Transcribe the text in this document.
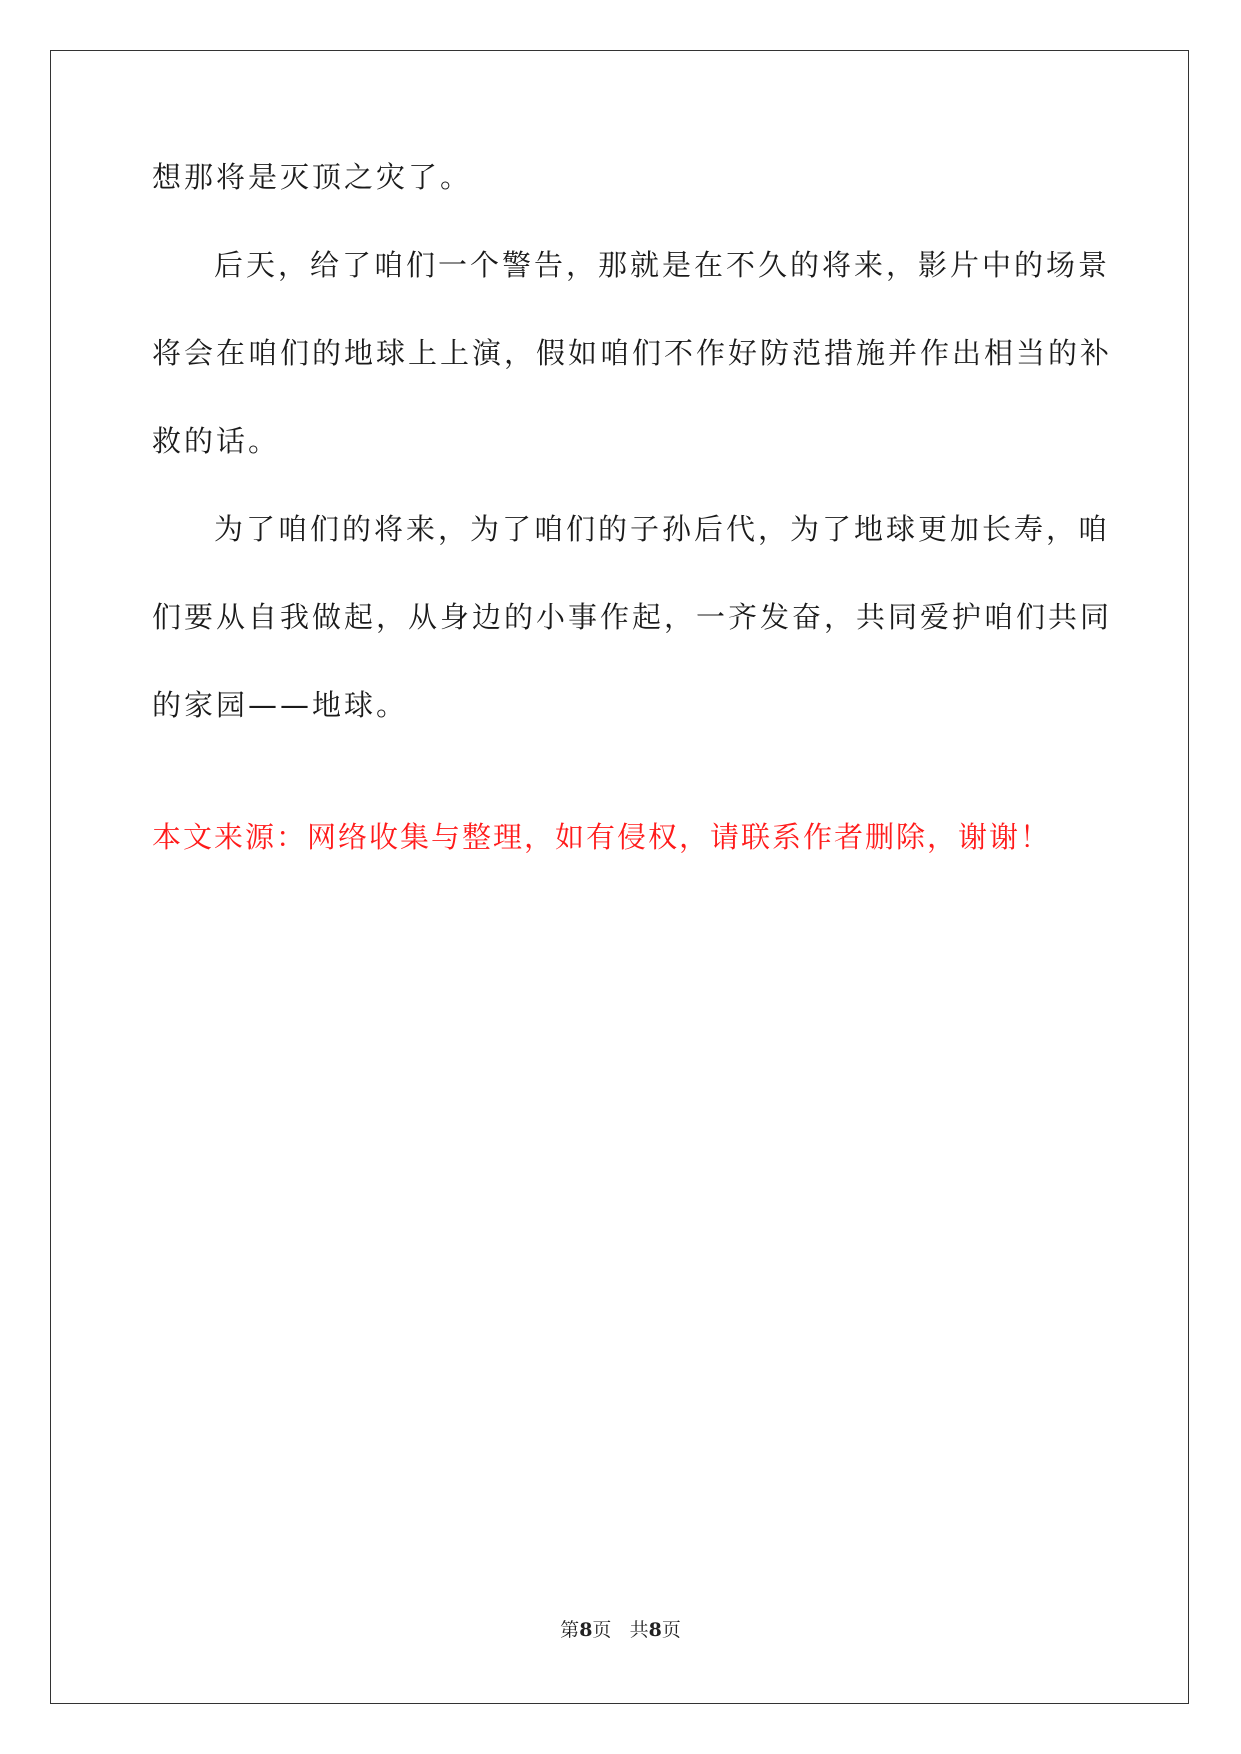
想那将是灭顶之灾了。
后天，给了咱们一个警告，那就是在不久的将来，影片中的场景
将会在咱们的地球上上演，假如咱们不作好防范措施并作出相当的补
救的话。
为了咱们的将来，为了咱们的子孙后代，为了地球更加长寿，咱
们要从自我做起，从身边的小事作起，一齐发奋，共同爱护咱们共同
的家园——地球。
本文来源：网络收集与整理，如有侵权，请联系作者删除，谢谢！
第8页 共8页
